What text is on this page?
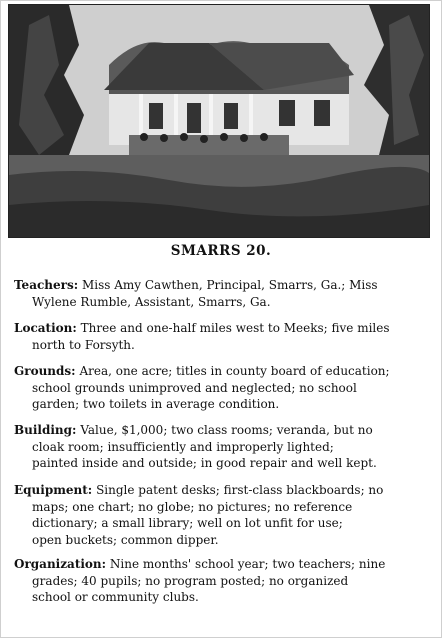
SMARRS 20.
Teachers: Miss Amy Cawthen, Principal, Smarrs, Ga.; Miss
Wylene Rumble, Assistant, Smarrs, Ga.
Location: Three and one-half miles west to Meeks; five miles
north to Forsyth.
Grounds: Area, one acre; titles in county board of education;
school grounds unimproved and neglected; no school
garden; two toilets in average condition.
Building: Value, $1,000; two class rooms; veranda, but no
cloak room; insufficiently and improperly lighted;
painted inside and outside; in good repair and well kept.
Equipment: Single patent desks; first-class blackboards; no
maps; one chart; no globe; no pictures; no reference
dictionary; a small library; well on lot unfit for use;
open buckets; common dipper.
Organization: Nine months' school year; two teachers; nine
grades; 40 pupils; no program posted; no organized
school or community clubs.
